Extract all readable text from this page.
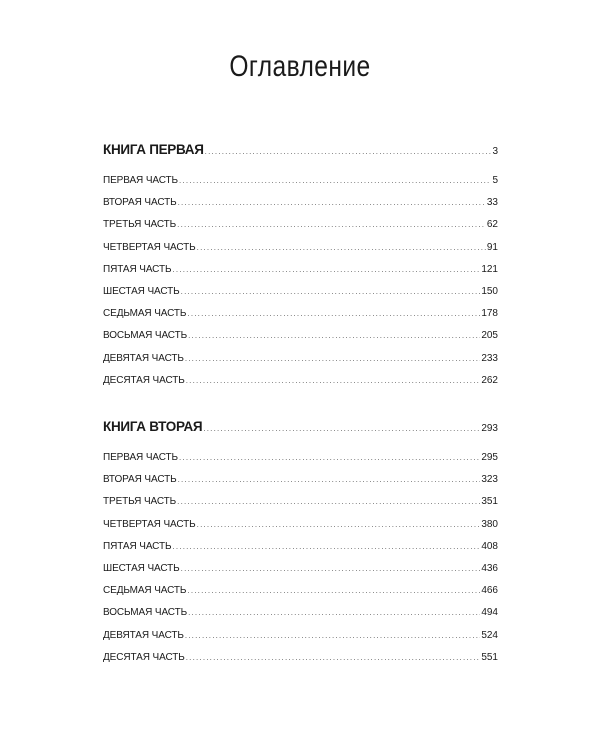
Оглавление
КНИГА ПЕРВАЯ .....	3
ПЕРВАЯ ЧАСТЬ .....	5
ВТОРАЯ ЧАСТЬ .....	33
ТРЕТЬЯ ЧАСТЬ .....	62
ЧЕТВЕРТАЯ ЧАСТЬ .....	91
ПЯТАЯ ЧАСТЬ .....	121
ШЕСТАЯ ЧАСТЬ .....	150
СЕДЬМАЯ ЧАСТЬ .....	178
ВОСЬМАЯ ЧАСТЬ .....	205
ДЕВЯТАЯ ЧАСТЬ .....	233
ДЕСЯТАЯ ЧАСТЬ .....	262
КНИГА ВТОРАЯ .....	293
ПЕРВАЯ ЧАСТЬ .....	295
ВТОРАЯ ЧАСТЬ .....	323
ТРЕТЬЯ ЧАСТЬ .....	351
ЧЕТВЕРТАЯ ЧАСТЬ .....	380
ПЯТАЯ ЧАСТЬ .....	408
ШЕСТАЯ ЧАСТЬ .....	436
СЕДЬМАЯ ЧАСТЬ .....	466
ВОСЬМАЯ ЧАСТЬ .....	494
ДЕВЯТАЯ ЧАСТЬ .....	524
ДЕСЯТАЯ ЧАСТЬ .....	551
